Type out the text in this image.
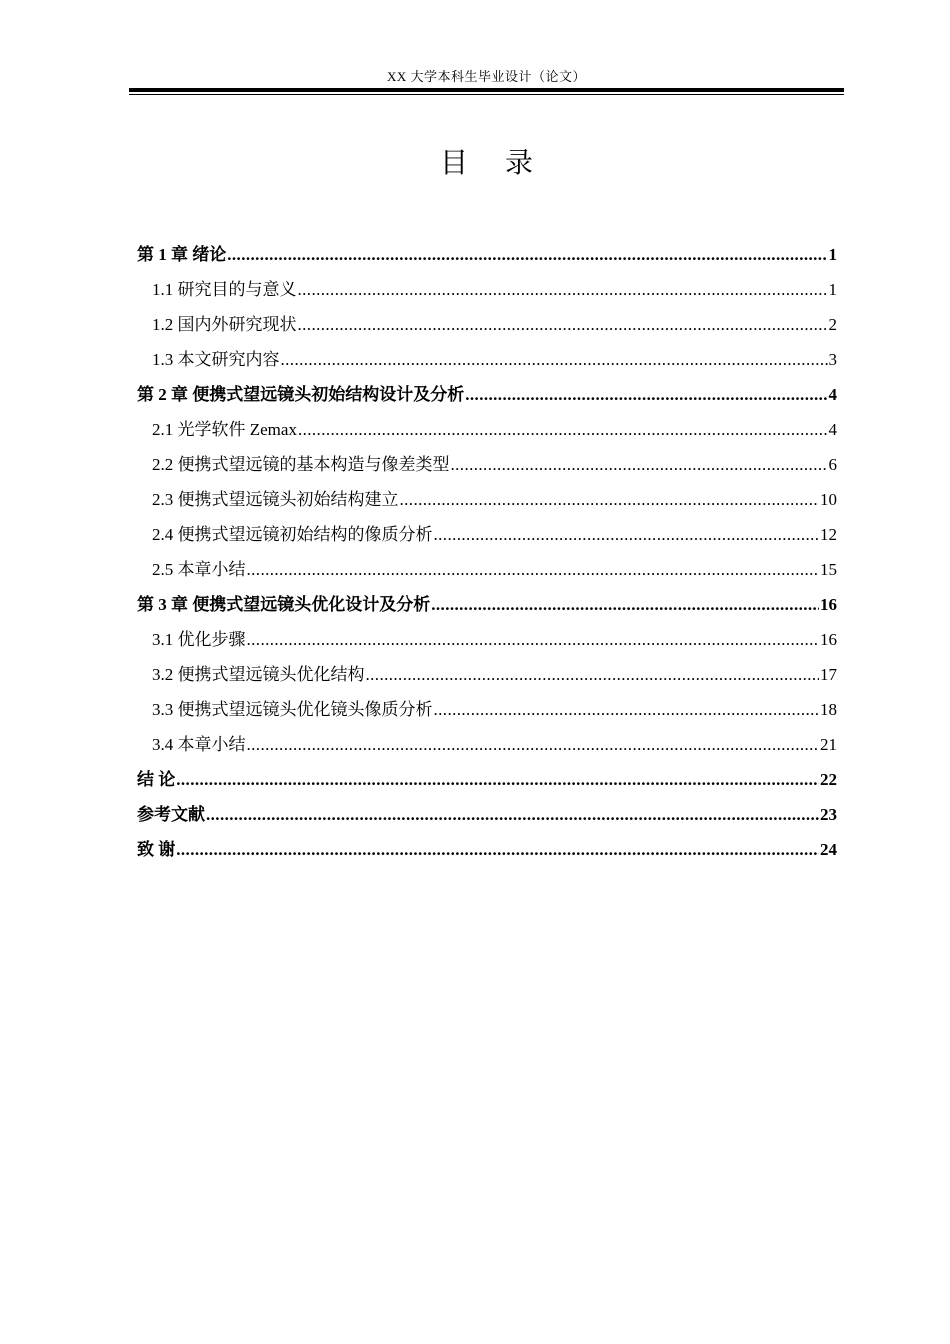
XX 大学本科生毕业设计（论文）
目 录
第 1 章 绪论 .....	1
1.1 研究目的与意义 .....	1
1.2 国内外研究现状 .....	2
1.3 本文研究内容 .....	3
第 2 章 便携式望远镜头初始结构设计及分析 .....	4
2.1 光学软件 Zemax .....	4
2.2 便携式望远镜的基本构造与像差类型 .....	6
2.3 便携式望远镜头初始结构建立 .....	10
2.4 便携式望远镜初始结构的像质分析 .....	12
2.5 本章小结 .....	15
第 3 章 便携式望远镜头优化设计及分析 .....	16
3.1 优化步骤 .....	16
3.2 便携式望远镜头优化结构 .....	17
3.3 便携式望远镜头优化镜头像质分析 .....	18
3.4 本章小结 .....	21
结 论 .....	22
参考文献 .....	23
致 谢 .....	24
